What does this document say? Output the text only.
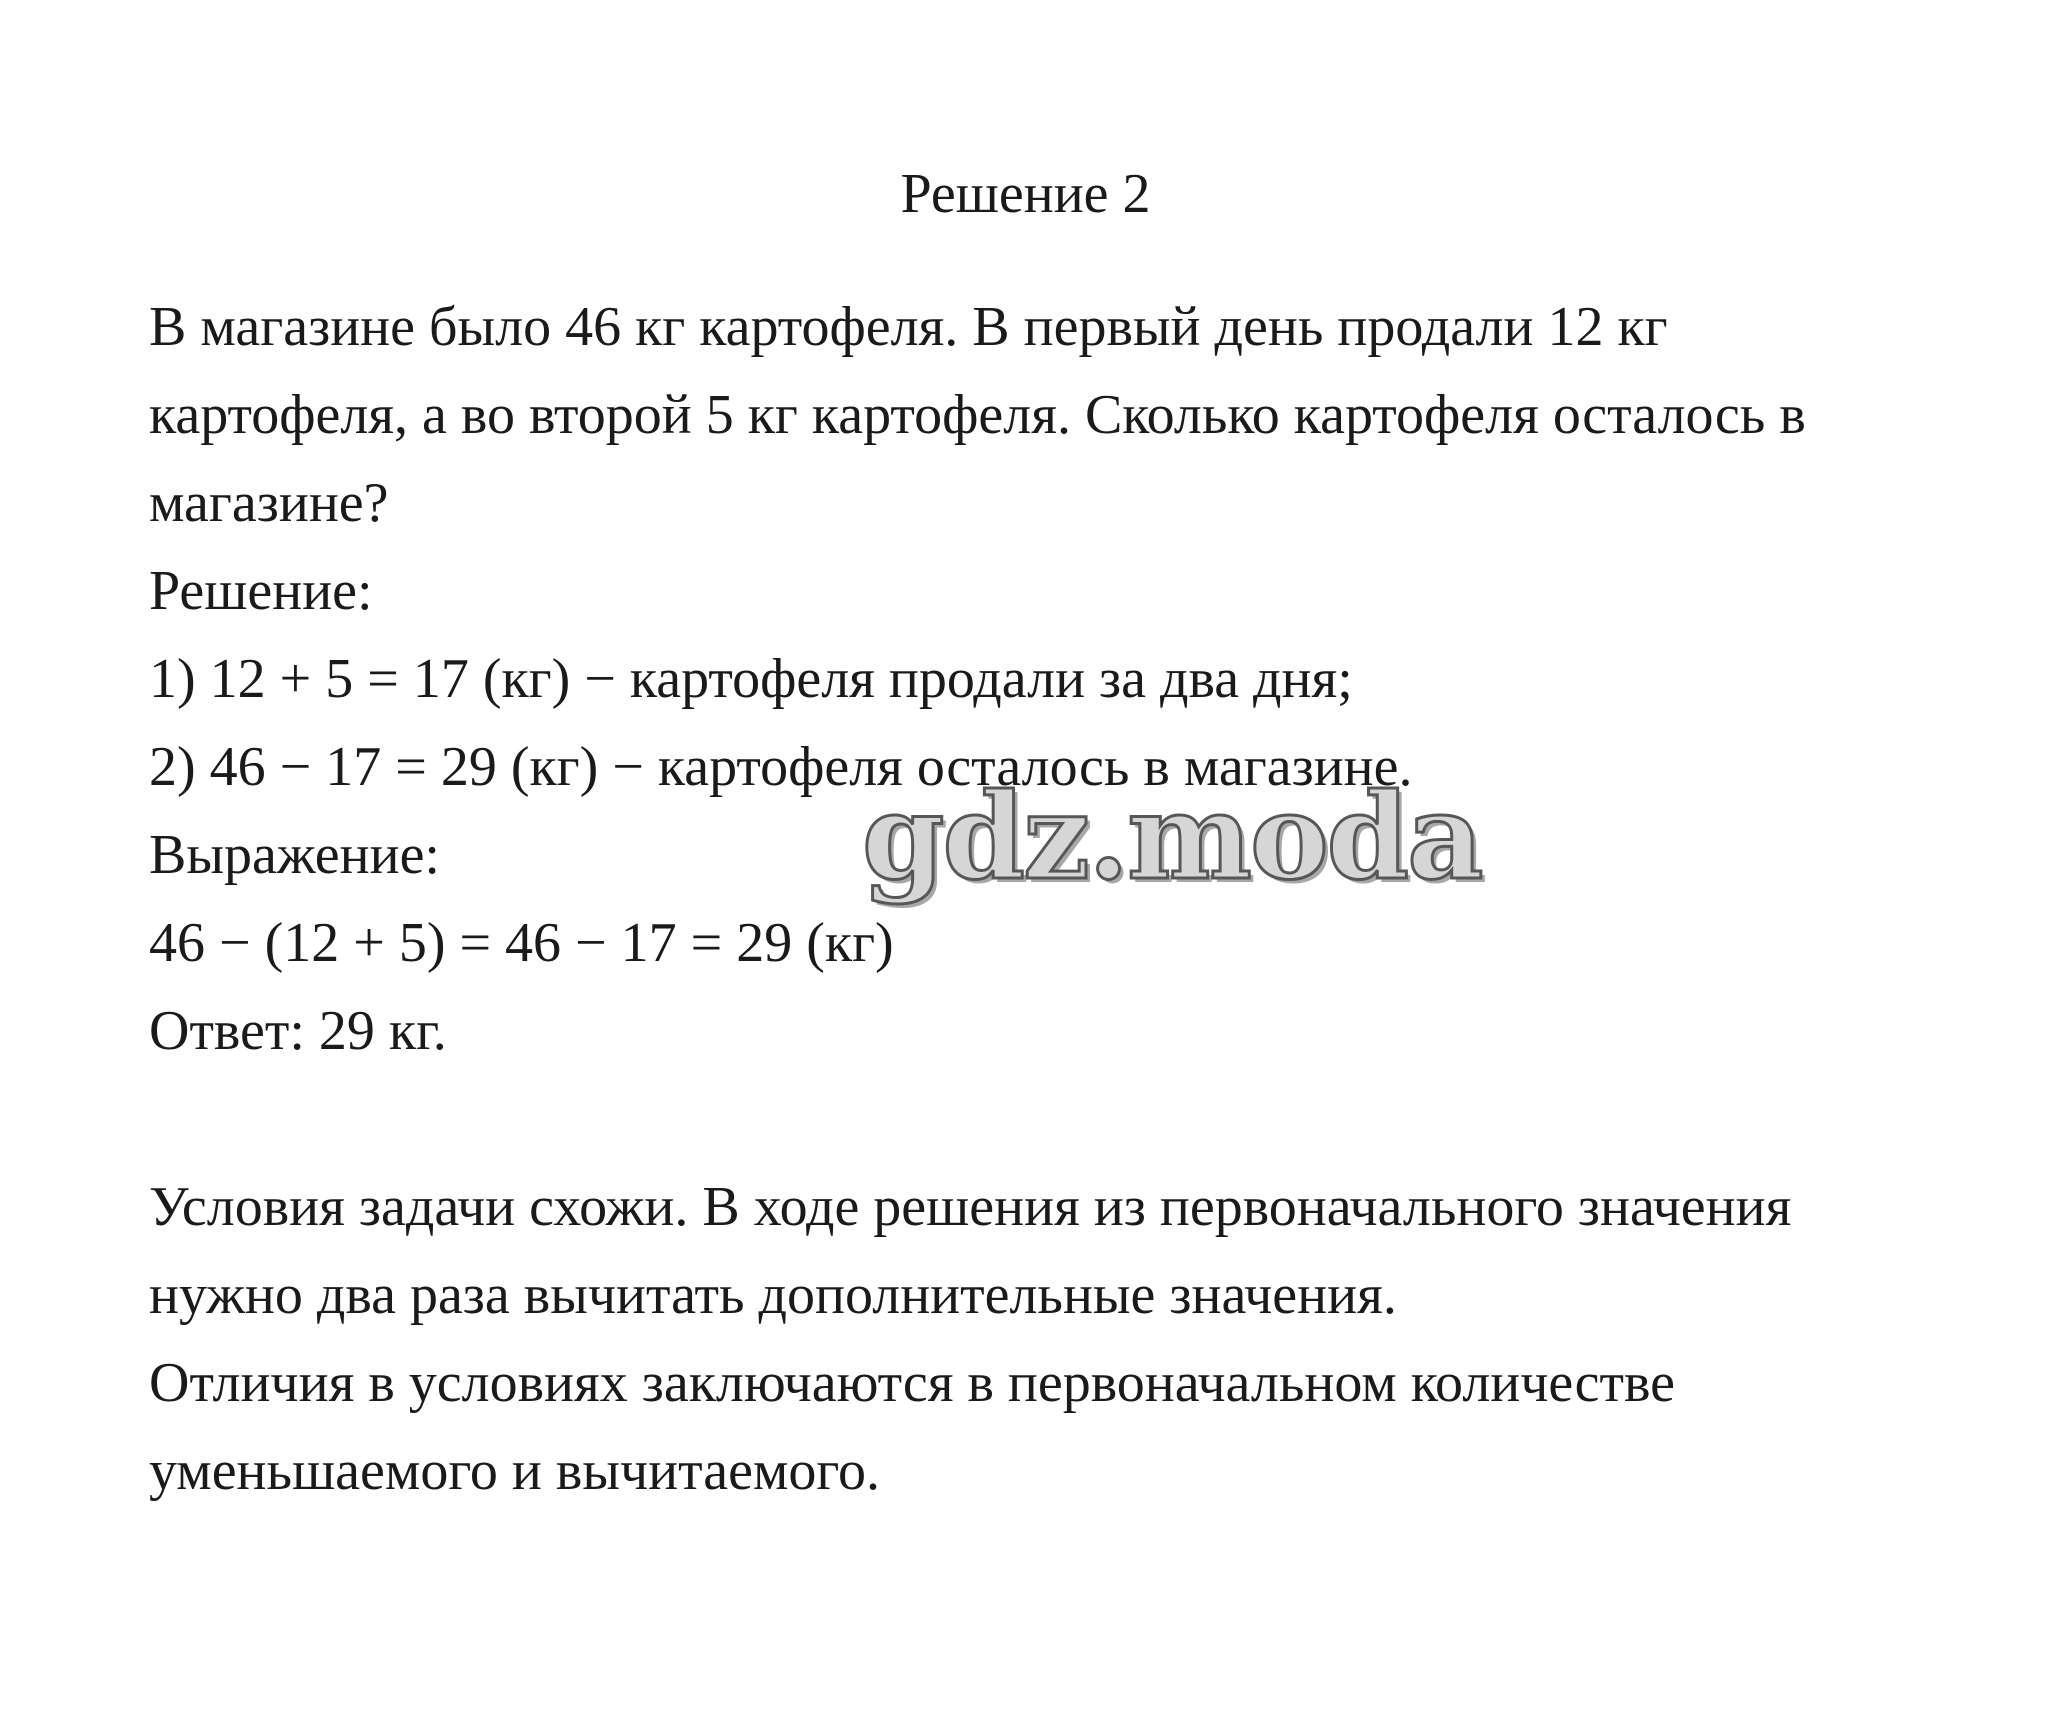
Решение 2
В магазине было 46 кг картофеля. В первый день продали 12 кг
картофеля, а во второй 5 кг картофеля. Сколько картофеля осталось в
магазине?
Решение:
1) 12 + 5 = 17 (кг) − картофеля продали за два дня;
2) 46 − 17 = 29 (кг) − картофеля осталось в магазине.
Выражение:
46 − (12 + 5) = 46 − 17 = 29 (кг)
Ответ: 29 кг.
Условия задачи схожи. В ходе решения из первоначального значения
нужно два раза вычитать дополнительные значения.
Отличия в условиях заключаются в первоначальном количестве
уменьшаемого и вычитаемого.
gdz.moda
